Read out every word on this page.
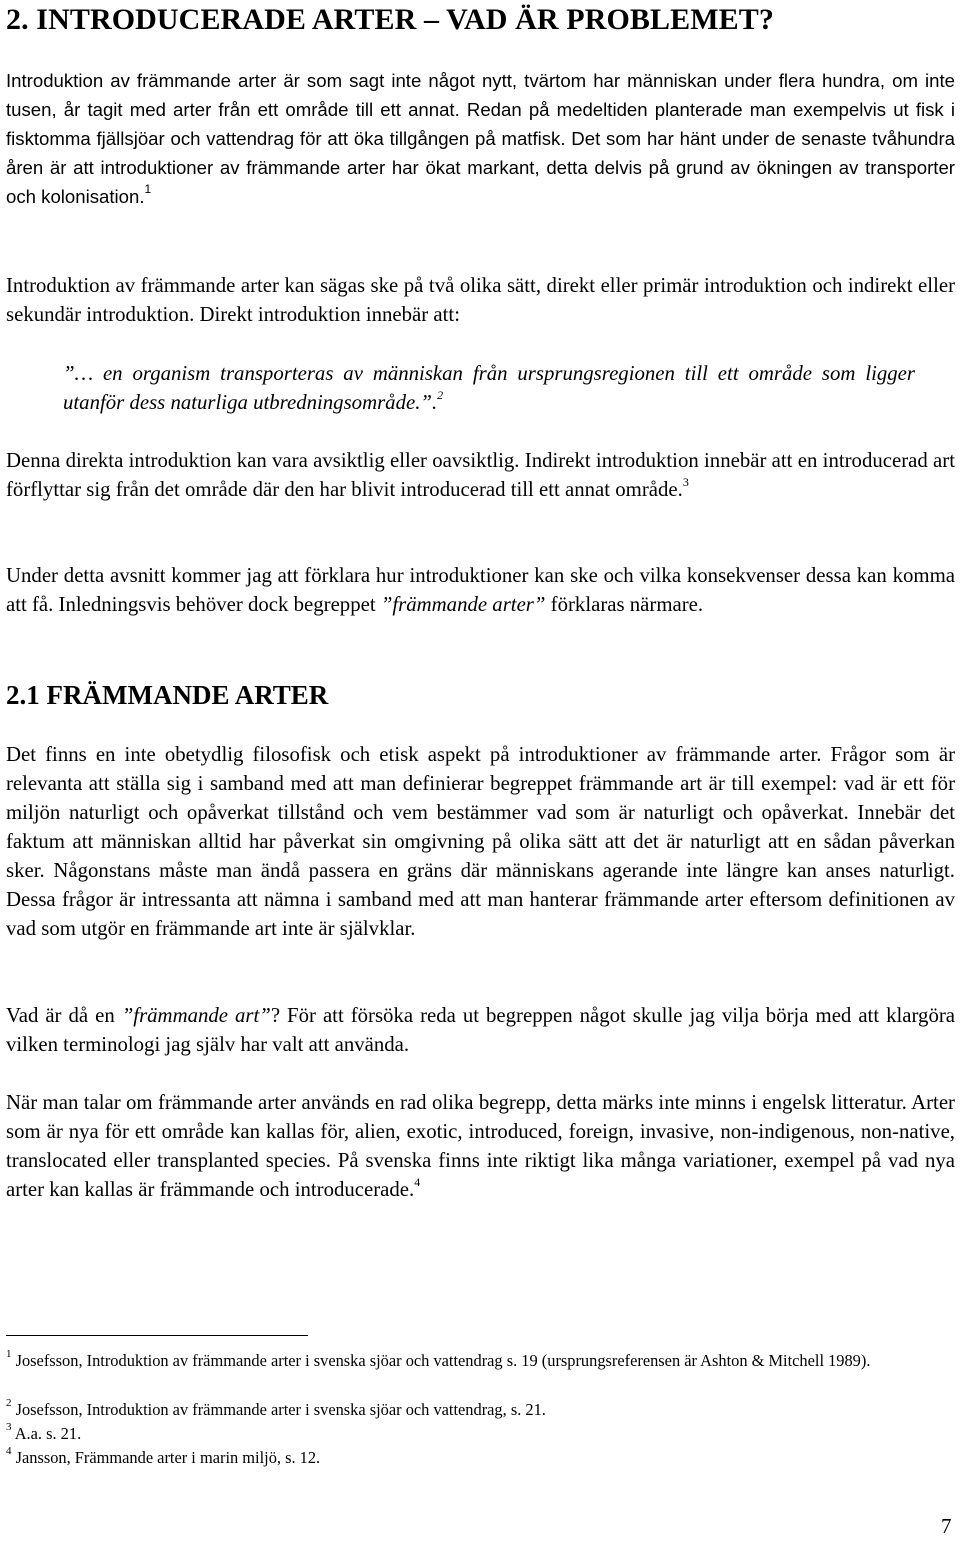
2. INTRODUCERADE ARTER – VAD ÄR PROBLEMET?

Introduktion av främmande arter är som sagt inte något nytt, tvärtom har människan under flera hundra, om inte tusen, år tagit med arter från ett område till ett annat. Redan på medeltiden planterade man exempelvis ut fisk i fisktomma fjällsjöar och vattendrag för att öka tillgången på matfisk. Det som har hänt under de senaste tvåhundra åren är att introduktioner av främmande arter har ökat markant, detta delvis på grund av ökningen av transporter och kolonisation.$^1$

Introduktion av främmande arter kan sägas ske på två olika sätt, direkt eller primär introduktion och indirekt eller sekundär introduktion. Direkt introduktion innebär att:

”… en organism transporteras av människan från ursprungsregionen till ett område som ligger utanför dess naturliga utbredningsområde.”.$^2$

Denna direkta introduktion kan vara avsiktlig eller oavsiktlig. Indirekt introduktion innebär att en introducerad art förflyttar sig från det område där den har blivit introducerad till ett annat område.$^3$

Under detta avsnitt kommer jag att förklara hur introduktioner kan ske och vilka konsekvenser dessa kan komma att få. Inledningsvis behöver dock begreppet ”främmande arter” förklaras närmare.

2.1 FRÄMMANDE ARTER

Det finns en inte obetydlig filosofisk och etisk aspekt på introduktioner av främmande arter. Frågor som är relevanta att ställa sig i samband med att man definierar begreppet främmande art är till exempel: vad är ett för miljön naturligt och opåverkat tillstånd och vem bestämmer vad som är naturligt och opåverkat. Innebär det faktum att människan alltid har påverkat sin omgivning på olika sätt att det är naturligt att en sådan påverkan sker. Någonstans måste man ändå passera en gräns där människans agerande inte längre kan anses naturligt. Dessa frågor är intressanta att nämna i samband med att man hanterar främmande arter eftersom definitionen av vad som utgör en främmande art inte är självklar.

Vad är då en ”främmande art”? För att försöka reda ut begreppen något skulle jag vilja börja med att klargöra vilken terminologi jag själv har valt att använda.

När man talar om främmande arter används en rad olika begrepp, detta märks inte minns i engelsk litteratur. Arter som är nya för ett område kan kallas för, alien, exotic, introduced, foreign, invasive, non-indigenous, non-native, translocated eller transplanted species. På svenska finns inte riktigt lika många variationer, exempel på vad nya arter kan kallas är främmande och introducerade.$^4$

$^1$ Josefsson, Introduktion av främmande arter i svenska sjöar och vattendrag s. 19 (ursprungsreferensen är Ashton & Mitchell 1989).
$^2$ Josefsson, Introduktion av främmande arter i svenska sjöar och vattendrag, s. 21.
$^3$ A.a. s. 21.
$^4$ Jansson, Främmande arter i marin miljö, s. 12.
7
